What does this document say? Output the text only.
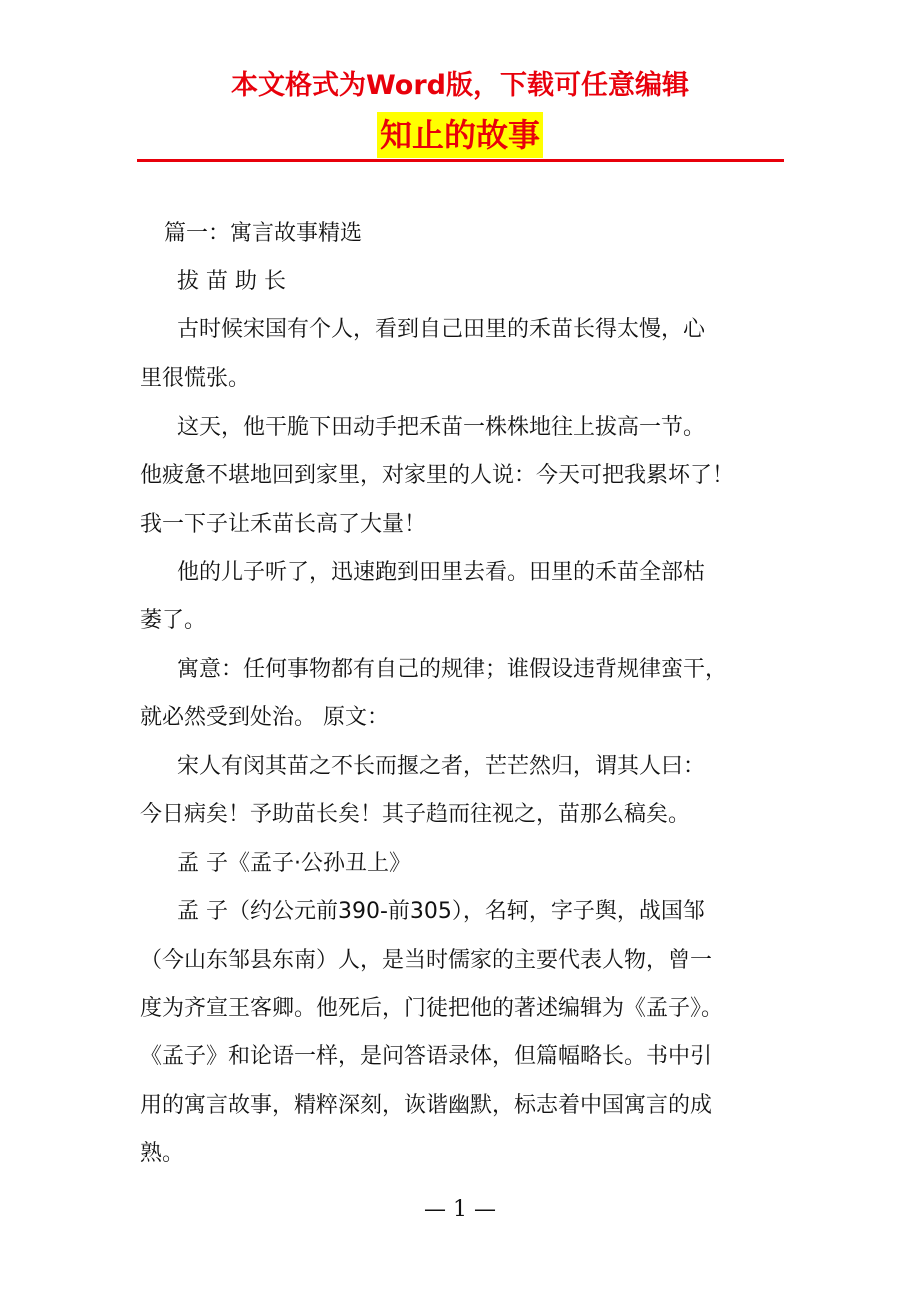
本文格式为Word版，下载可任意编辑
知止的故事
篇一：寓言故事精选
拔 苗 助 长
古时候宋国有个人，看到自己田里的禾苗长得太慢，心
里很慌张。
这天，他干脆下田动手把禾苗一株株地往上拔高一节。
他疲惫不堪地回到家里，对家里的人说：今天可把我累坏了！
我一下子让禾苗长高了大量！
他的儿子听了，迅速跑到田里去看。田里的禾苗全部枯
萎了。
寓意：任何事物都有自己的规律；谁假设违背规律蛮干，
就必然受到处治。 原文：
宋人有闵其苗之不长而揠之者，芒芒然归，谓其人曰：
今日病矣！予助苗长矣！其子趋而往视之，苗那么稿矣。
孟 子《孟子·公孙丑上》
孟 子（约公元前390-前305），名轲，字子舆，战国邹
（今山东邹县东南）人，是当时儒家的主要代表人物，曾一
度为齐宣王客卿。他死后，门徒把他的著述编辑为《孟子》。
《孟子》和论语一样，是问答语录体，但篇幅略长。书中引
用的寓言故事，精粹深刻，诙谐幽默，标志着中国寓言的成
熟。
— 1 —
